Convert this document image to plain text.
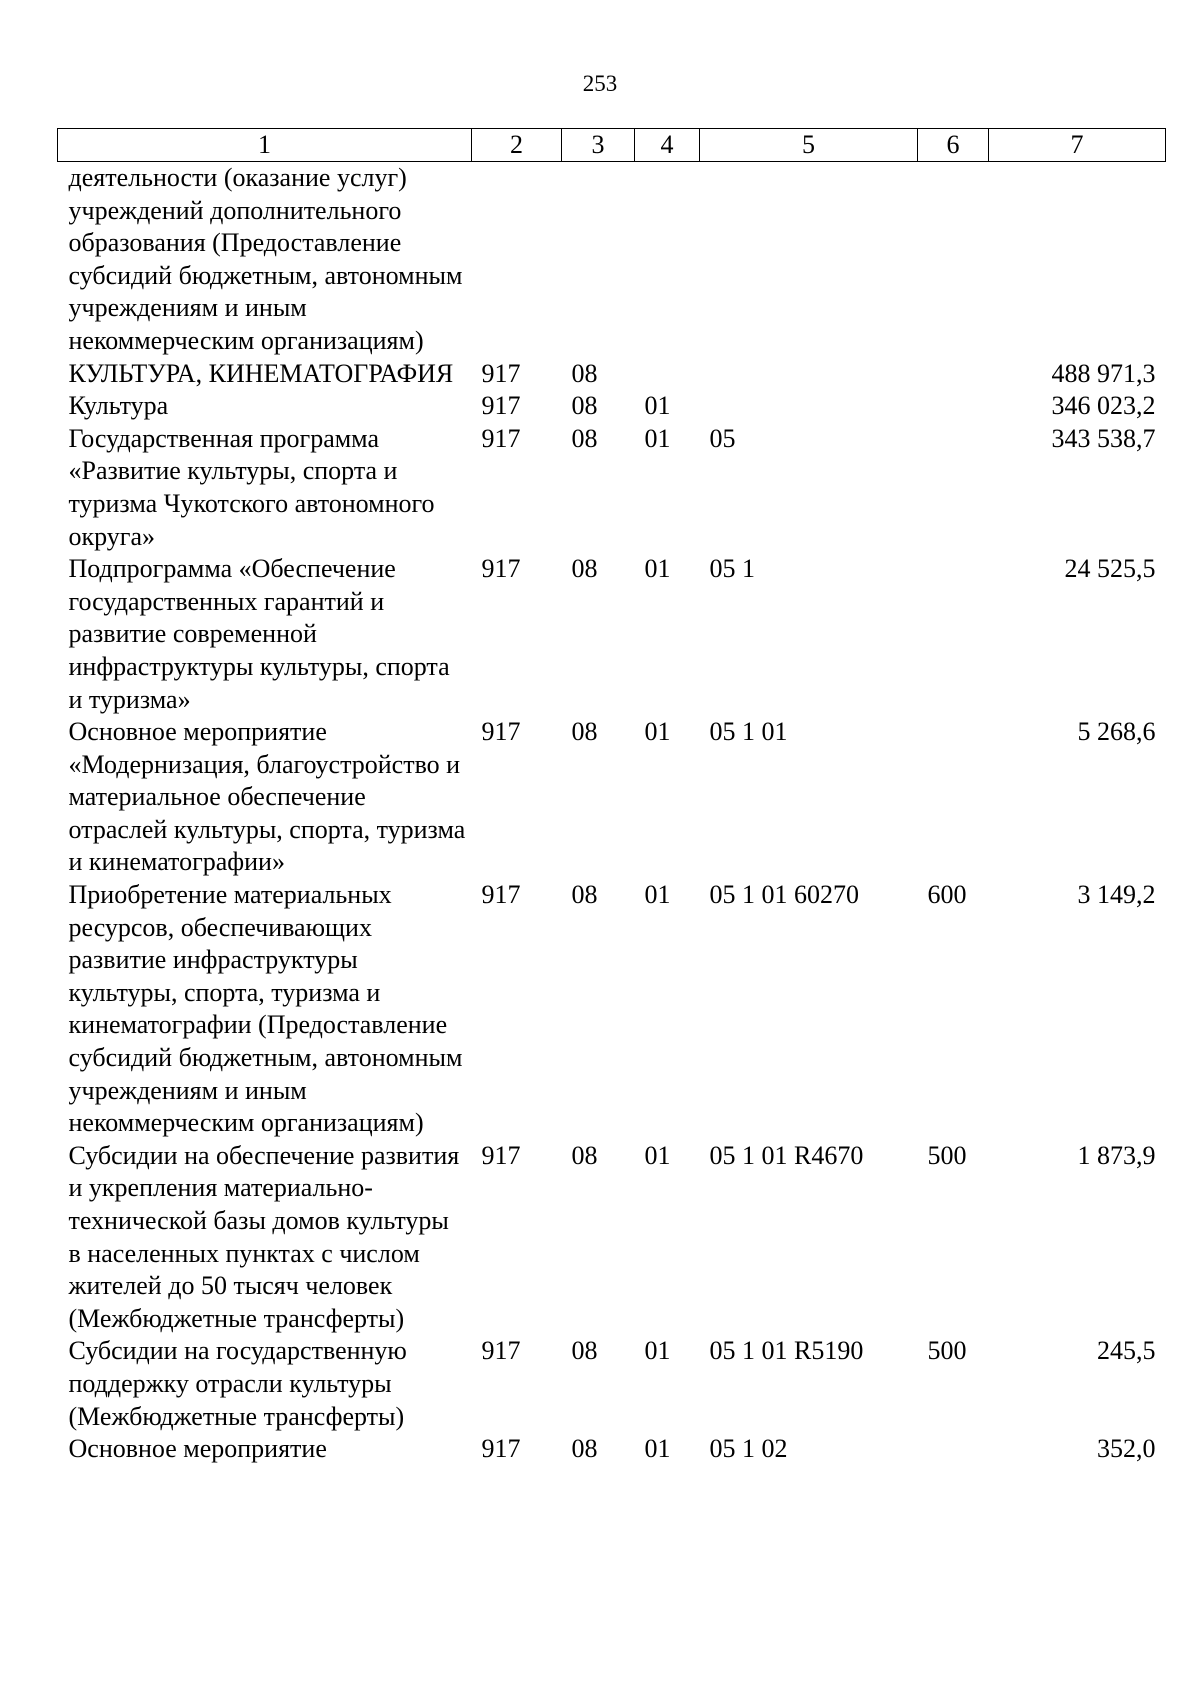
253
1	2	3	4	5	6	7
деятельности (оказание услуг) учреждений дополнительного образования (Предоставление субсидий бюджетным, автономным учреждениям и иным некоммерческим организациям)						
КУЛЬТУРА, КИНЕМАТОГРАФИЯ	917	08				488 971,3
Культура	917	08	01			346 023,2
Государственная программа «Развитие культуры, спорта и туризма Чукотского автономного округа»	917	08	01	05		343 538,7
Подпрограмма «Обеспечение государственных гарантий и развитие современной инфраструктуры культуры, спорта и туризма»	917	08	01	05 1		24 525,5
Основное мероприятие «Модернизация, благоустройство и материальное обеспечение отраслей культуры, спорта, туризма и кинематографии»	917	08	01	05 1 01		5 268,6
Приобретение материальных ресурсов, обеспечивающих развитие инфраструктуры культуры, спорта, туризма и кинематографии (Предоставление субсидий бюджетным, автономным учреждениям и иным некоммерческим организациям)	917	08	01	05 1 01 60270	600	3 149,2
Субсидии на обеспечение развития и укрепления материально-технической базы домов культуры в населенных пунктах с числом жителей до 50 тысяч человек (Межбюджетные трансферты)	917	08	01	05 1 01 R4670	500	1 873,9
Субсидии на государственную поддержку отрасли культуры (Межбюджетные трансферты)	917	08	01	05 1 01 R5190	500	245,5
Основное мероприятие	917	08	01	05 1 02		352,0
